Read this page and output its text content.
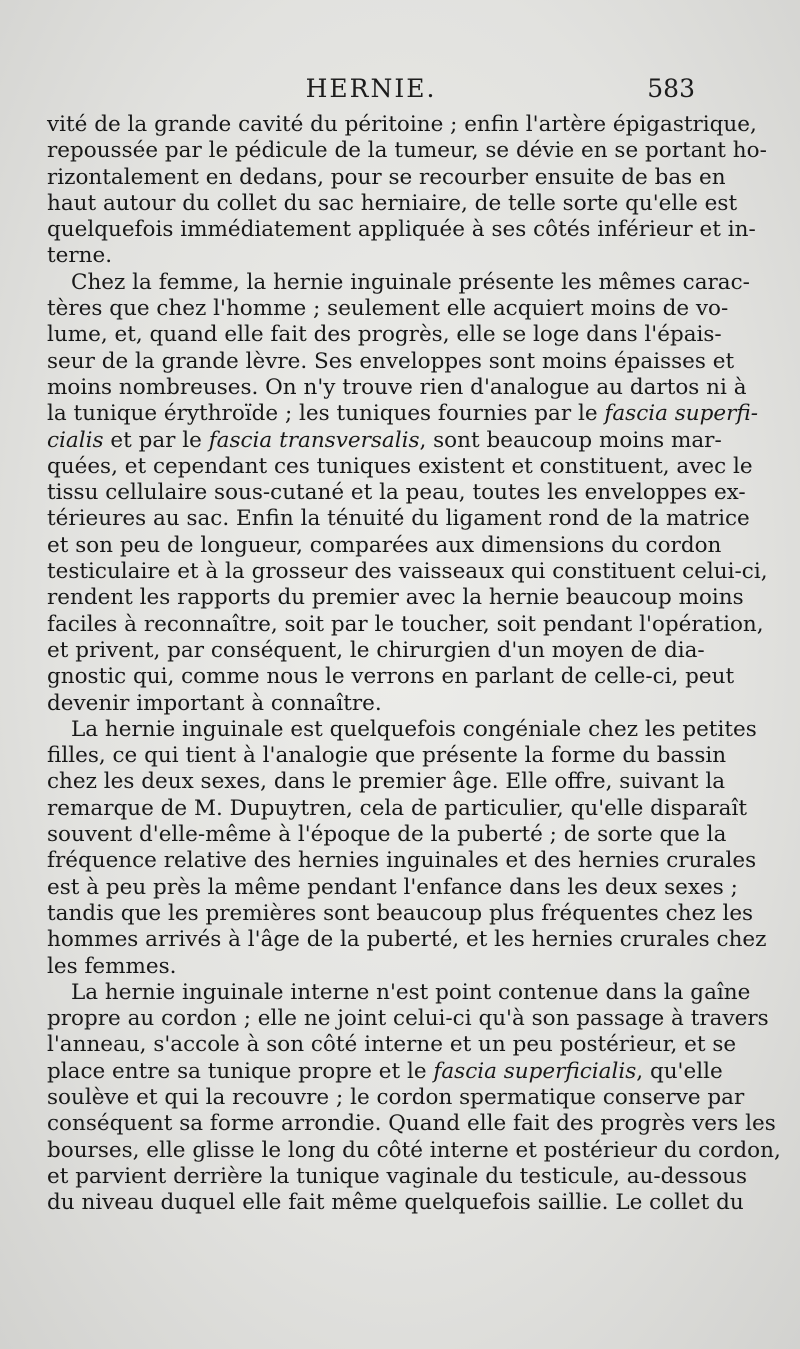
HERNIE.	583
vité de la grande cavité du péritoine ; enfin l'artère épigastrique,
repoussée par le pédicule de la tumeur, se dévie en se portant ho-
rizontalement en dedans, pour se recourber ensuite de bas en
haut autour du collet du sac herniaire, de telle sorte qu'elle est
quelquefois immédiatement appliquée à ses côtés inférieur et in-
terne.
Chez la femme, la hernie inguinale présente les mêmes carac-
tères que chez l'homme ; seulement elle acquiert moins de vo-
lume, et, quand elle fait des progrès, elle se loge dans l'épais-
seur de la grande lèvre. Ses enveloppes sont moins épaisses et
moins nombreuses. On n'y trouve rien d'analogue au dartos ni à
la tunique érythroïde ; les tuniques fournies par le fascia superfi-
cialis et par le fascia transversalis, sont beaucoup moins mar-
quées, et cependant ces tuniques existent et constituent, avec le
tissu cellulaire sous-cutané et la peau, toutes les enveloppes ex-
térieures au sac. Enfin la ténuité du ligament rond de la matrice
et son peu de longueur, comparées aux dimensions du cordon
testiculaire et à la grosseur des vaisseaux qui constituent celui-ci,
rendent les rapports du premier avec la hernie beaucoup moins
faciles à reconnaître, soit par le toucher, soit pendant l'opération,
et privent, par conséquent, le chirurgien d'un moyen de dia-
gnostic qui, comme nous le verrons en parlant de celle-ci, peut
devenir important à connaître.
La hernie inguinale est quelquefois congéniale chez les petites
filles, ce qui tient à l'analogie que présente la forme du bassin
chez les deux sexes, dans le premier âge. Elle offre, suivant la
remarque de M. Dupuytren, cela de particulier, qu'elle disparaît
souvent d'elle-même à l'époque de la puberté ; de sorte que la
fréquence relative des hernies inguinales et des hernies crurales
est à peu près la même pendant l'enfance dans les deux sexes ;
tandis que les premières sont beaucoup plus fréquentes chez les
hommes arrivés à l'âge de la puberté, et les hernies crurales chez
les femmes.
La hernie inguinale interne n'est point contenue dans la gaîne
propre au cordon ; elle ne joint celui-ci qu'à son passage à travers
l'anneau, s'accole à son côté interne et un peu postérieur, et se
place entre sa tunique propre et le fascia superficialis, qu'elle
soulève et qui la recouvre ; le cordon spermatique conserve par
conséquent sa forme arrondie. Quand elle fait des progrès vers les
bourses, elle glisse le long du côté interne et postérieur du cordon,
et parvient derrière la tunique vaginale du testicule, au-dessous
du niveau duquel elle fait même quelquefois saillie. Le collet du
